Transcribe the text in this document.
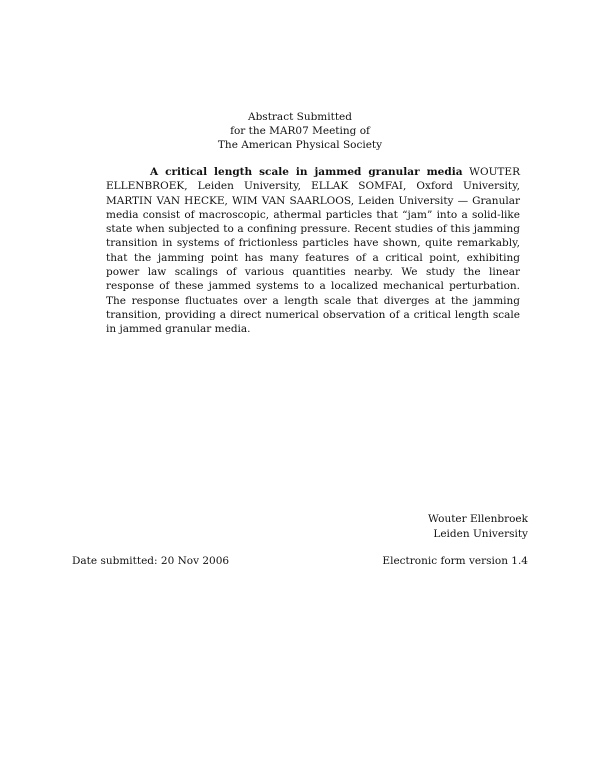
Abstract Submitted
for the MAR07 Meeting of
The American Physical Society
A critical length scale in jammed granular media WOUTER ELLENBROEK, Leiden University, ELLAK SOMFAI, Oxford University, MARTIN VAN HECKE, WIM VAN SAARLOOS, Leiden University — Granular media consist of macroscopic, athermal particles that “jam” into a solid-like state when subjected to a confining pressure. Recent studies of this jamming transition in systems of frictionless particles have shown, quite remarkably, that the jamming point has many features of a critical point, exhibiting power law scalings of various quantities nearby. We study the linear response of these jammed systems to a localized mechanical perturbation. The response fluctuates over a length scale that diverges at the jamming transition, providing a direct numerical observation of a critical length scale in jammed granular media.
Wouter Ellenbroek
Leiden University
Date submitted: 20 Nov 2006	Electronic form version 1.4
